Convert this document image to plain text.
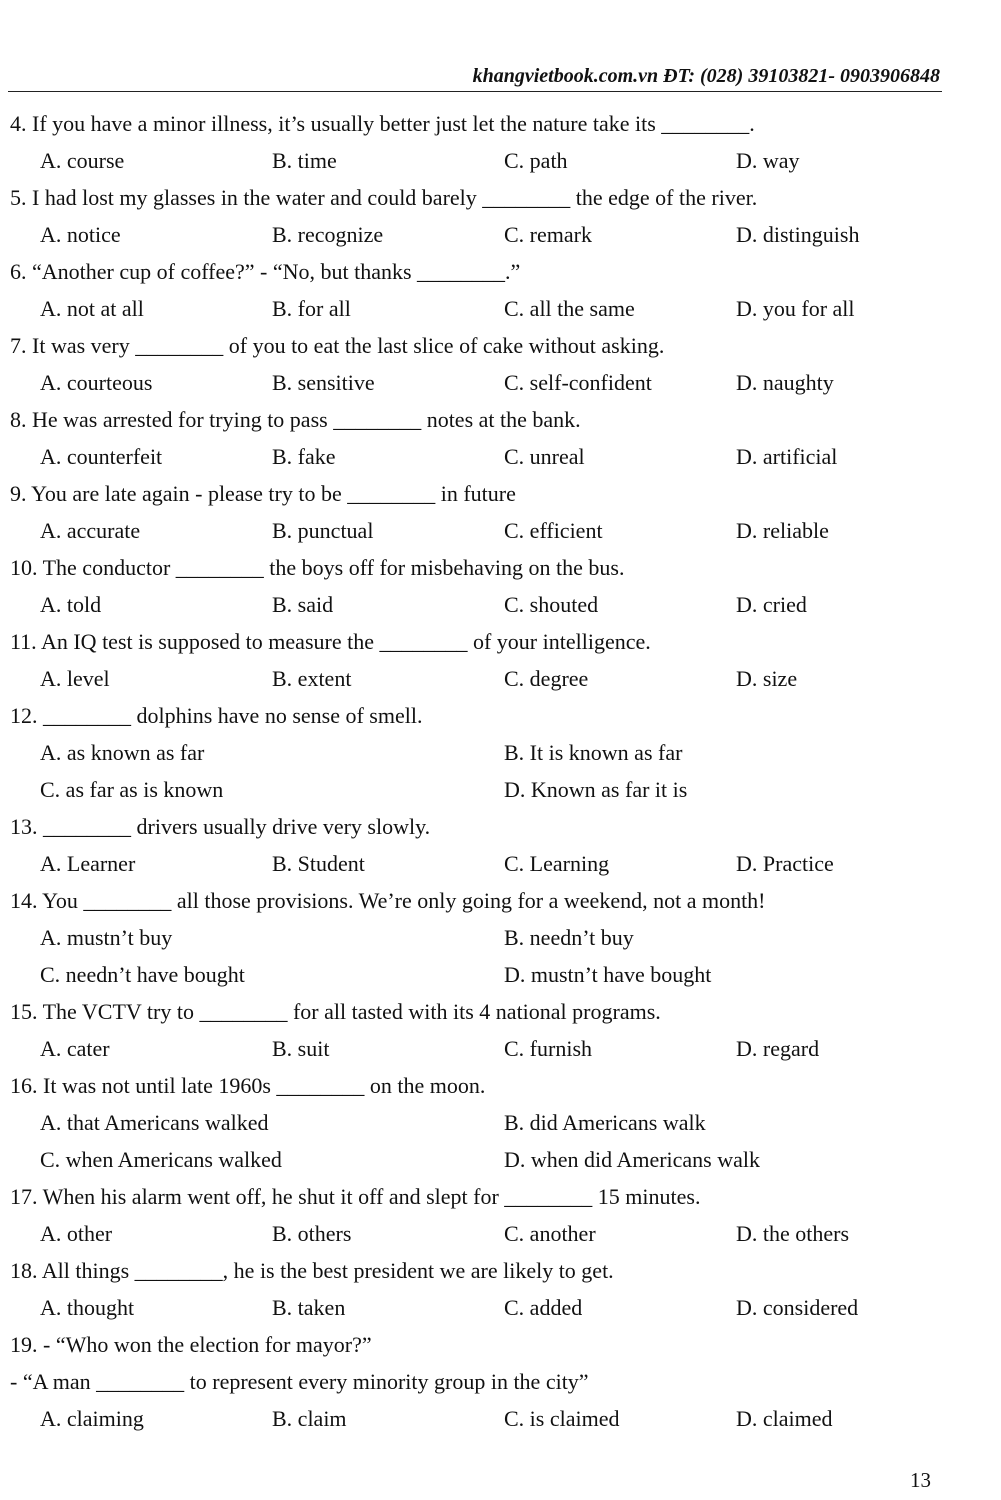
khangvietbook.com.vn ĐT: (028) 39103821- 0903906848
4. If you have a minor illness, it’s usually better just let the nature take its ________.
A. course	B. time	C. path	D. way
5. I had lost my glasses in the water and could barely ________ the edge of the river.
A. notice	B. recognize	C. remark	D. distinguish
6. “Another cup of coffee?” - “No, but thanks ________.”
A. not at all	B. for all	C. all the same	D. you for all
7. It was very ________ of you to eat the last slice of cake without asking.
A. courteous	B. sensitive	C. self-confident	D. naughty
8. He was arrested for trying to pass ________ notes at the bank.
A. counterfeit	B. fake	C. unreal	D. artificial
9. You are late again - please try to be ________ in future
A. accurate	B. punctual	C. efficient	D. reliable
10. The conductor ________ the boys off for misbehaving on the bus.
A. told	B. said	C. shouted	D. cried
11. An IQ test is supposed to measure the ________ of your intelligence.
A. level	B. extent	C. degree	D. size
12. ________ dolphins have no sense of smell.
A. as known as far	B. It is known as far
C. as far as is known	D. Known as far it is
13. ________ drivers usually drive very slowly.
A. Learner	B. Student	C. Learning	D. Practice
14. You ________ all those provisions. We’re only going for a weekend, not a month!
A. mustn’t buy	B. needn’t buy
C. needn’t have bought	D. mustn’t have bought
15. The VCTV try to ________ for all tasted with its 4 national programs.
A. cater	B. suit	C. furnish	D. regard
16. It was not until late 1960s ________ on the moon.
A. that Americans walked	B. did Americans walk
C. when Americans walked	D. when did Americans walk
17. When his alarm went off, he shut it off and slept for ________ 15 minutes.
A. other	B. others	C. another	D. the others
18. All things ________, he is the best president we are likely to get.
A. thought	B. taken	C. added	D. considered
19. - “Who won the election for mayor?”
- “A man ________ to represent every minority group in the city”
A. claiming	B. claim	C. is claimed	D. claimed
13
